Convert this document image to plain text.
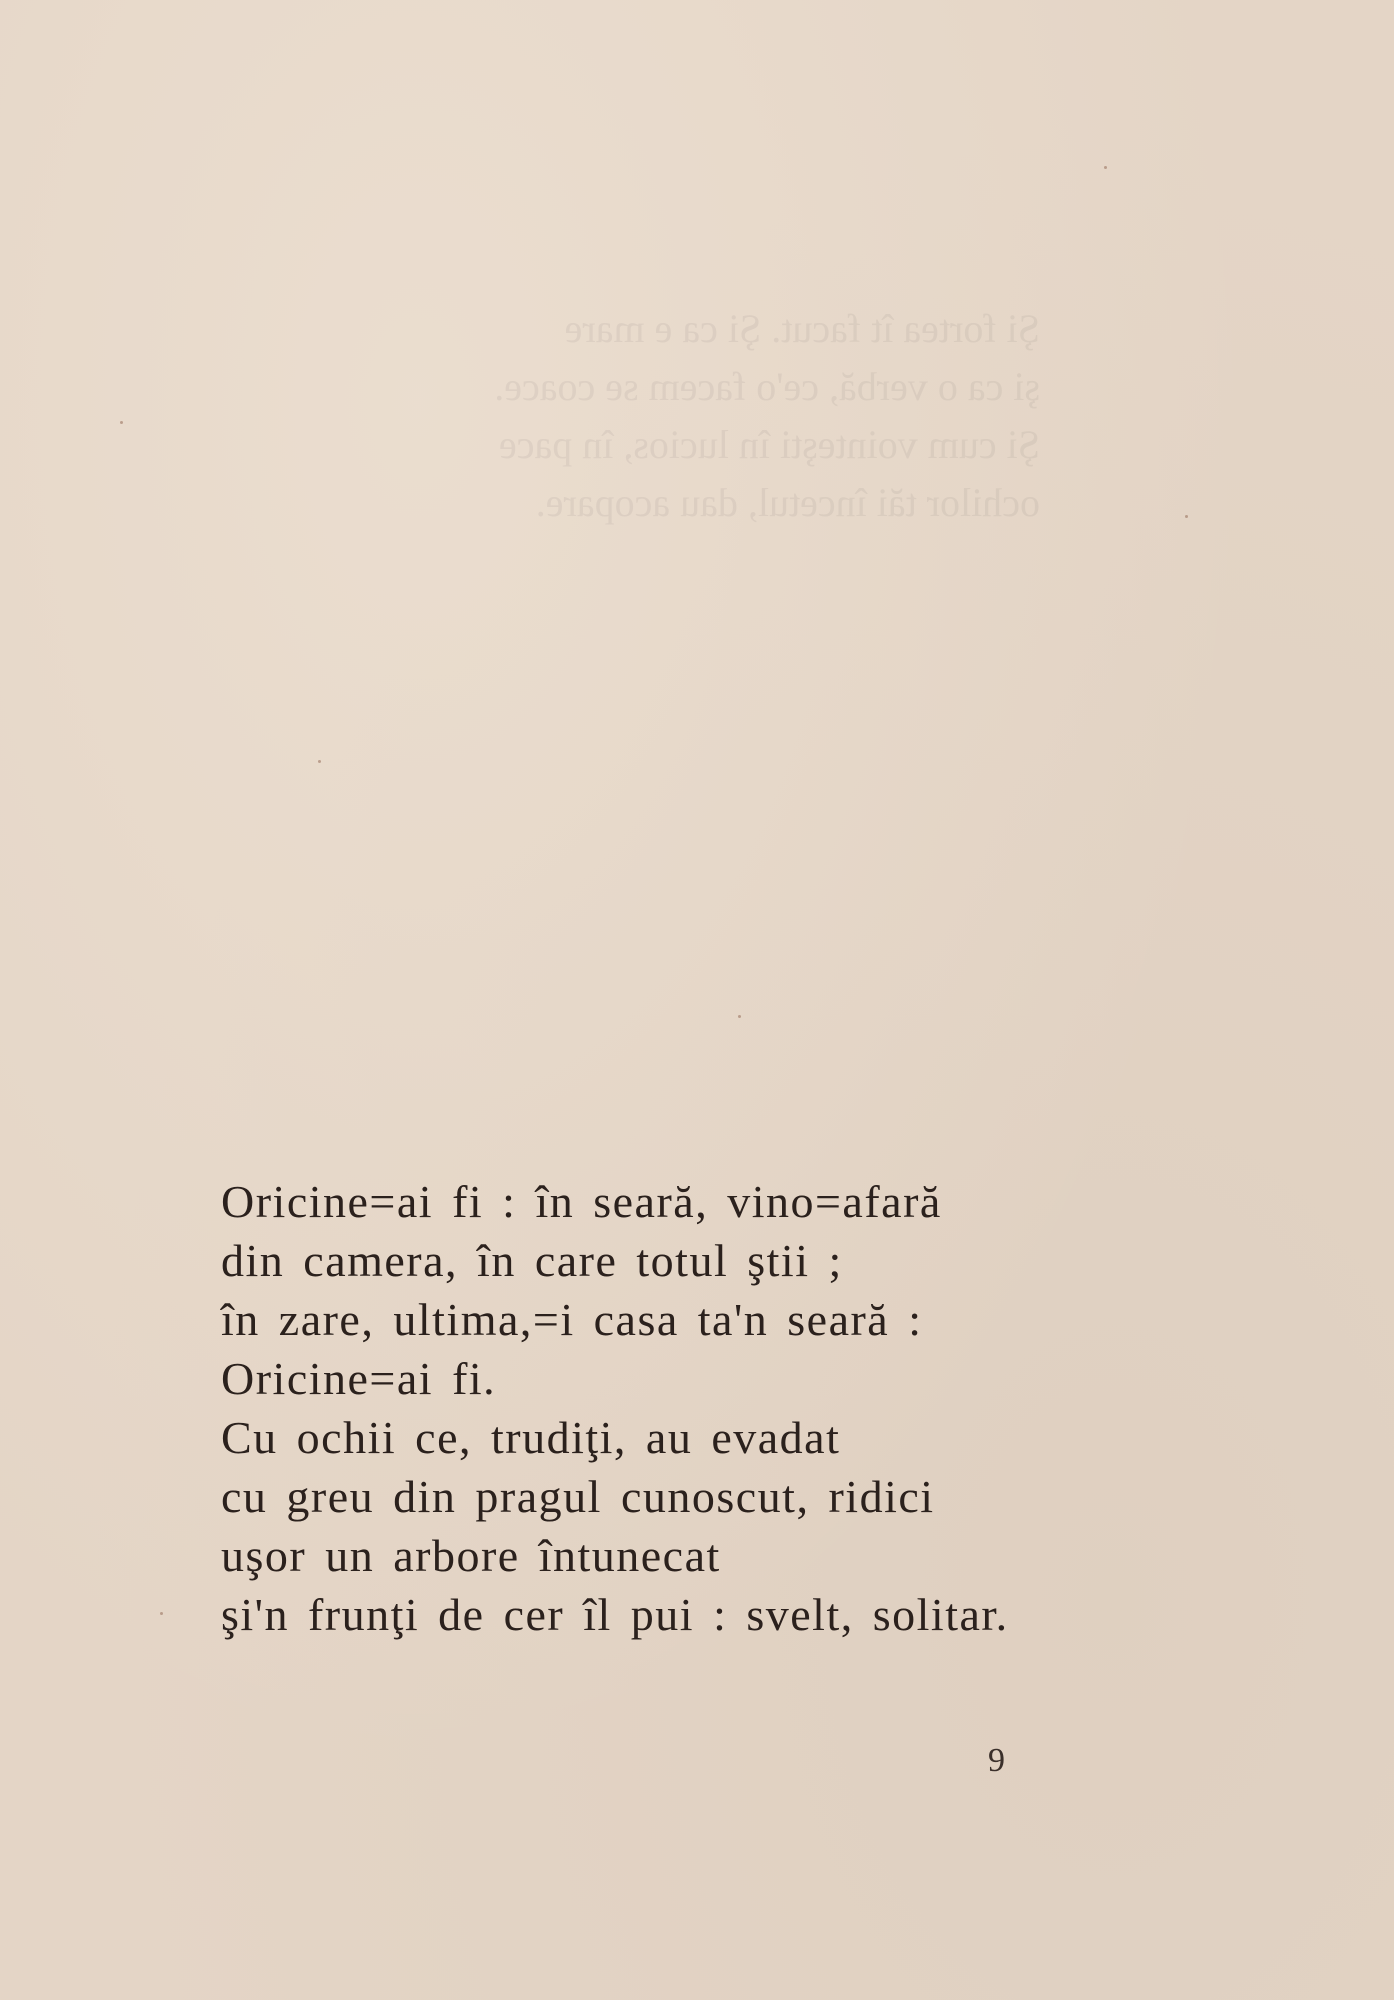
Şi fortea ît facut. Şi ca e mare
şi ca o verbă, ce'o facem se coace.
Şi cum vointeşti în lucios, în pace
ochilor tăi încetul, dau acopare.
Oricine=ai fi : în seară, vino=afară
din camera, în care totul ştii ;
în zare, ultima,=i casa ta'n seară :
Oricine=ai fi.
Cu ochii ce, trudiţi, au evadat
cu greu din pragul cunoscut, ridici
uşor un arbore întunecat
şi'n frunţi de cer îl pui : svelt, solitar.
9
